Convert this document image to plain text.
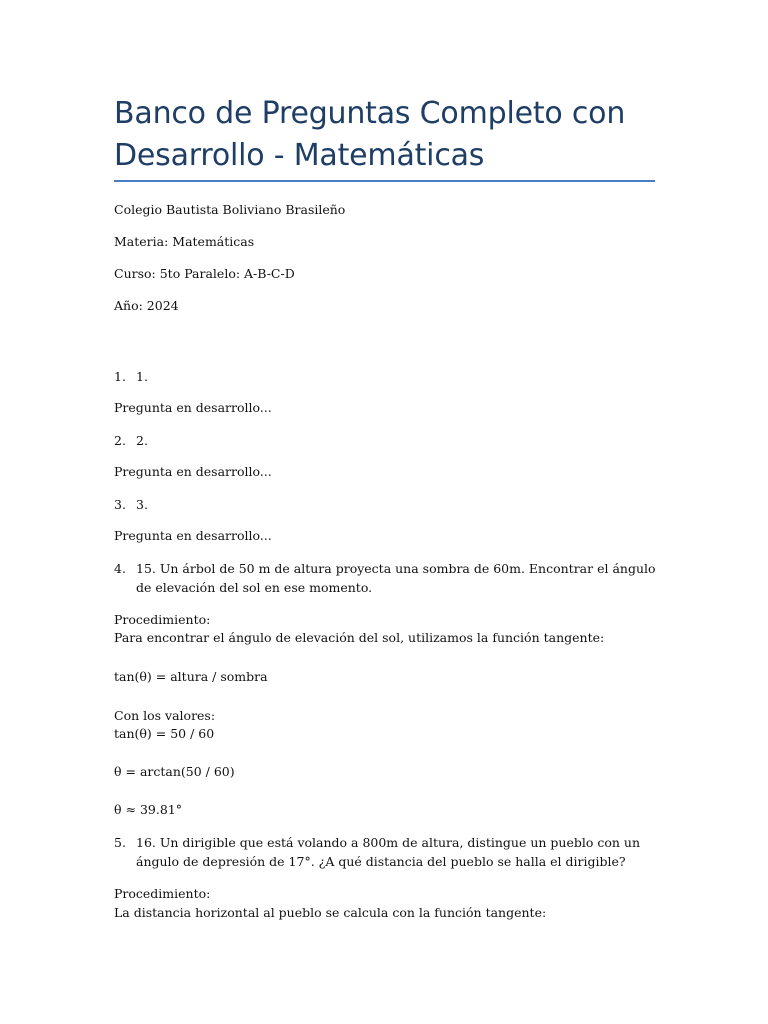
Banco de Preguntas Completo con Desarrollo - Matemáticas
Colegio Bautista Boliviano Brasileño
Materia: Matemáticas
Curso: 5to Paralelo: A-B-C-D
Año: 2024
1. 1.
Pregunta en desarrollo...
2. 2.
Pregunta en desarrollo...
3. 3.
Pregunta en desarrollo...
4. 15. Un árbol de 50 m de altura proyecta una sombra de 60m. Encontrar el ángulo de elevación del sol en ese momento.
Procedimiento:
Para encontrar el ángulo de elevación del sol, utilizamos la función tangente:
tan(θ) = altura / sombra
Con los valores:
tan(θ) = 50 / 60
θ = arctan(50 / 60)
θ ≈ 39.81°
5. 16. Un dirigible que está volando a 800m de altura, distingue un pueblo con un ángulo de depresión de 17°. ¿A qué distancia del pueblo se halla el dirigible?
Procedimiento:
La distancia horizontal al pueblo se calcula con la función tangente:
